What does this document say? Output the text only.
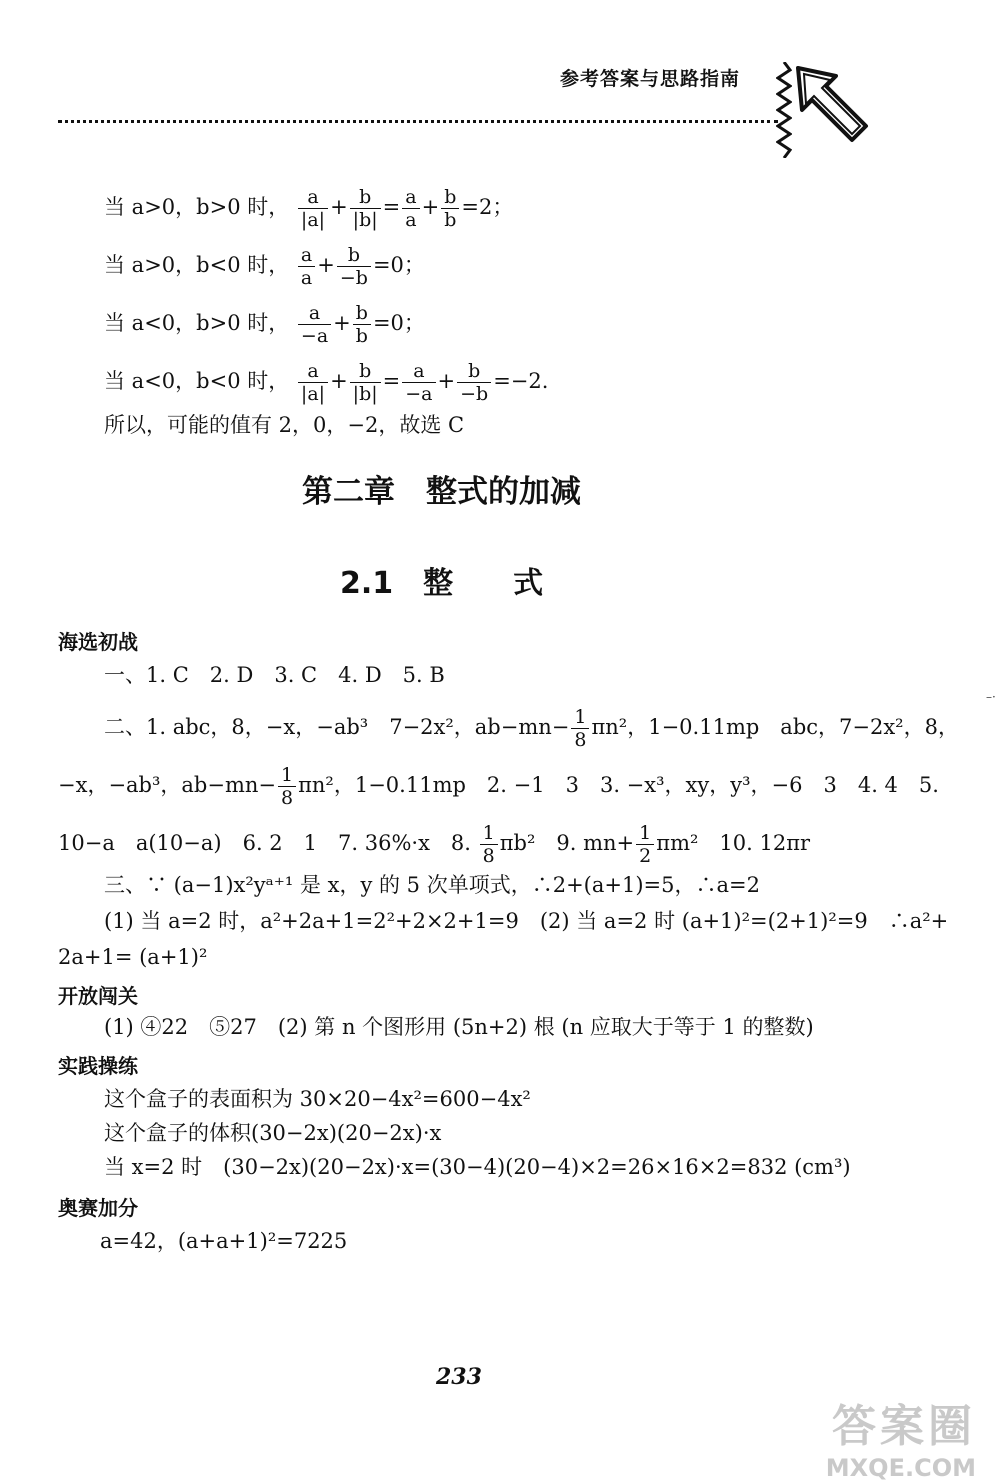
参考答案与思路指南
当 a>0，b>0 时， $\frac{a}{|a|} + \frac{b}{|b|} = \frac{a}{a} + \frac{b}{b} =2$；
当 a>0，b<0 时， $\frac{a}{a} + \frac{b}{-b} =0$；
当 a<0，b>0 时， $\frac{a}{-a} + \frac{b}{b} =0$；
当 a<0，b<0 时， $\frac{a}{|a|} + \frac{b}{|b|} = \frac{a}{-a} + \frac{b}{-b} =-2$.
所以，可能的值有 2，0，−2，故选 C
第二章　整式的加减
2.1　整　　式
海选初战
一、1. C　2. D　3. C　4. D　5. B
二、1. abc，8，−x，−ab³　7−2x²，$ab-mn- \frac{1}{8} \pi n^2$，1−0.11mp　abc，7−2x²，8，
−x，−ab³，$ab-mn- \frac{1}{8} \pi n^2$，1−0.11mp　2. −1　3　3. −x³，xy，y³，−6　3　4. 4　5.
10−a　a(10−a)　6. 2　1　7. 36%·x　8. $\frac{1}{8} \pi b^2$　9. $mn+ \frac{1}{2} \pi m^2$　10. 12πr
三、∵ (a−1)x²yᵃ⁺¹ 是 x，y 的 5 次单项式，∴2+(a+1)=5，∴a=2
(1) 当 a=2 时，a²+2a+1=2²+2×2+1=9　(2) 当 a=2 时 (a+1)²=(2+1)²=9　∴a²+
2a+1= (a+1)²
开放闯关
(1) ④22　⑤27　(2) 第 n 个图形用 (5n+2) 根 (n 应取大于等于 1 的整数)
实践操练
这个盒子的表面积为 30×20−4x²=600−4x²
这个盒子的体积(30−2x)(20−2x)·x
当 x=2 时　(30−2x)(20−2x)·x=(30−4)(20−4)×2=26×16×2=832 (cm³)
奥赛加分
a=42，(a+a+1)²=7225
233
–·
答案圈
MXQE.COM
